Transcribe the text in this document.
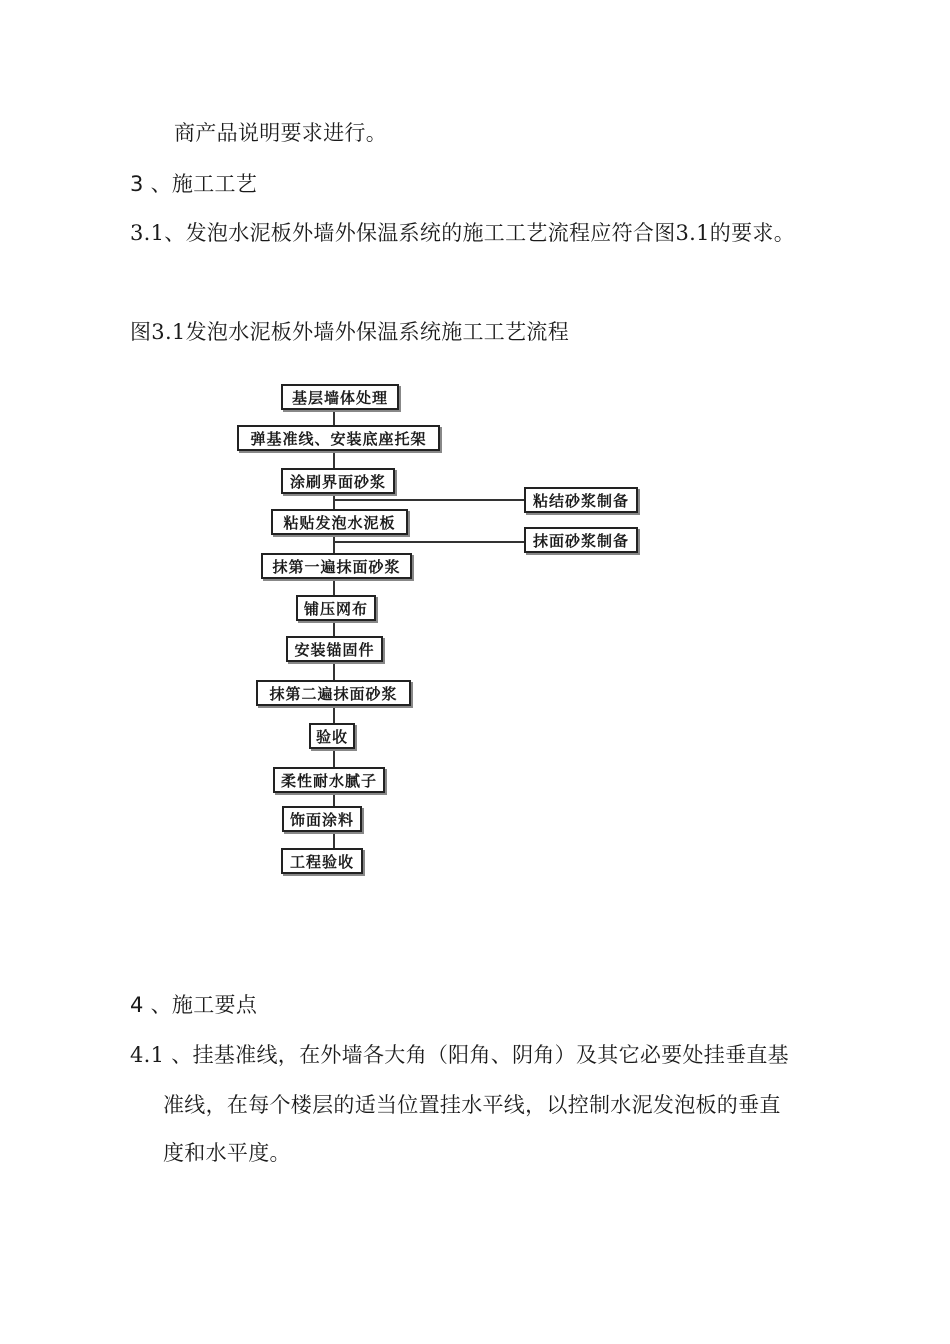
商产品说明要求进行。
3 、施工工艺
3.1、发泡水泥板外墙外保温系统的施工工艺流程应符合图3.1的要求。
图3.1发泡水泥板外墙外保温系统施工工艺流程
基层墙体处理
弹基准线、安装底座托架
涂刷界面砂浆
粘贴发泡水泥板
抹第一遍抹面砂浆
铺压网布
安装锚固件
抹第二遍抹面砂浆
验收
柔性耐水腻子
饰面涂料
工程验收
粘结砂浆制备
抹面砂浆制备
4 、施工要点
4.1 、挂基准线，在外墙各大角（阳角、阴角）及其它必要处挂垂直基
准线，在每个楼层的适当位置挂水平线，以控制水泥发泡板的垂直
度和水平度。
